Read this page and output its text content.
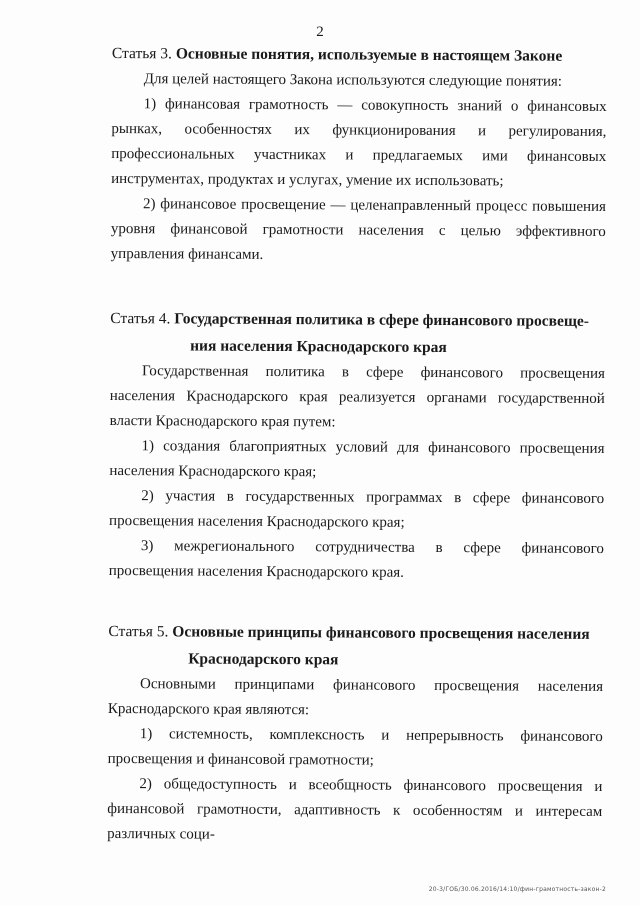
2

Статья 3. Основные понятия, используемые в настоящем Законе

Для целей настоящего Закона используются следующие понятия:

1) финансовая грамотность — совокупность знаний о финансовых рынках, особенностях их функционирования и регулирования, профессиональных участниках и предлагаемых ими финансовых инструментах, продуктах и услугах, умение их использовать;

2) финансовое просвещение — целенаправленный процесс повышения уровня финансовой грамотности населения с целью эффективного управления финансами.

Статья 4. Государственная политика в сфере финансового просвеще-
ния населения Краснодарского края

Государственная политика в сфере финансового просвещения населения Краснодарского края реализуется органами государственной власти Краснодарского края путем:

1) создания благоприятных условий для финансового просвещения населения Краснодарского края;

2) участия в государственных программах в сфере финансового просвещения населения Краснодарского края;

3) межрегионального сотрудничества в сфере финансового просвещения населения Краснодарского края.

Статья 5. Основные принципы финансового просвещения населения
Краснодарского края

Основными принципами финансового просвещения населения Краснодарского края являются:

1) системность, комплексность и непрерывность финансового просвещения и финансовой грамотности;

2) общедоступность и всеобщность финансового просвещения и финансовой грамотности, адаптивность к особенностям и интересам различных соци-

20-3/ГОБ/30.06.2016/14:10/фин-грамотность-закон-2
